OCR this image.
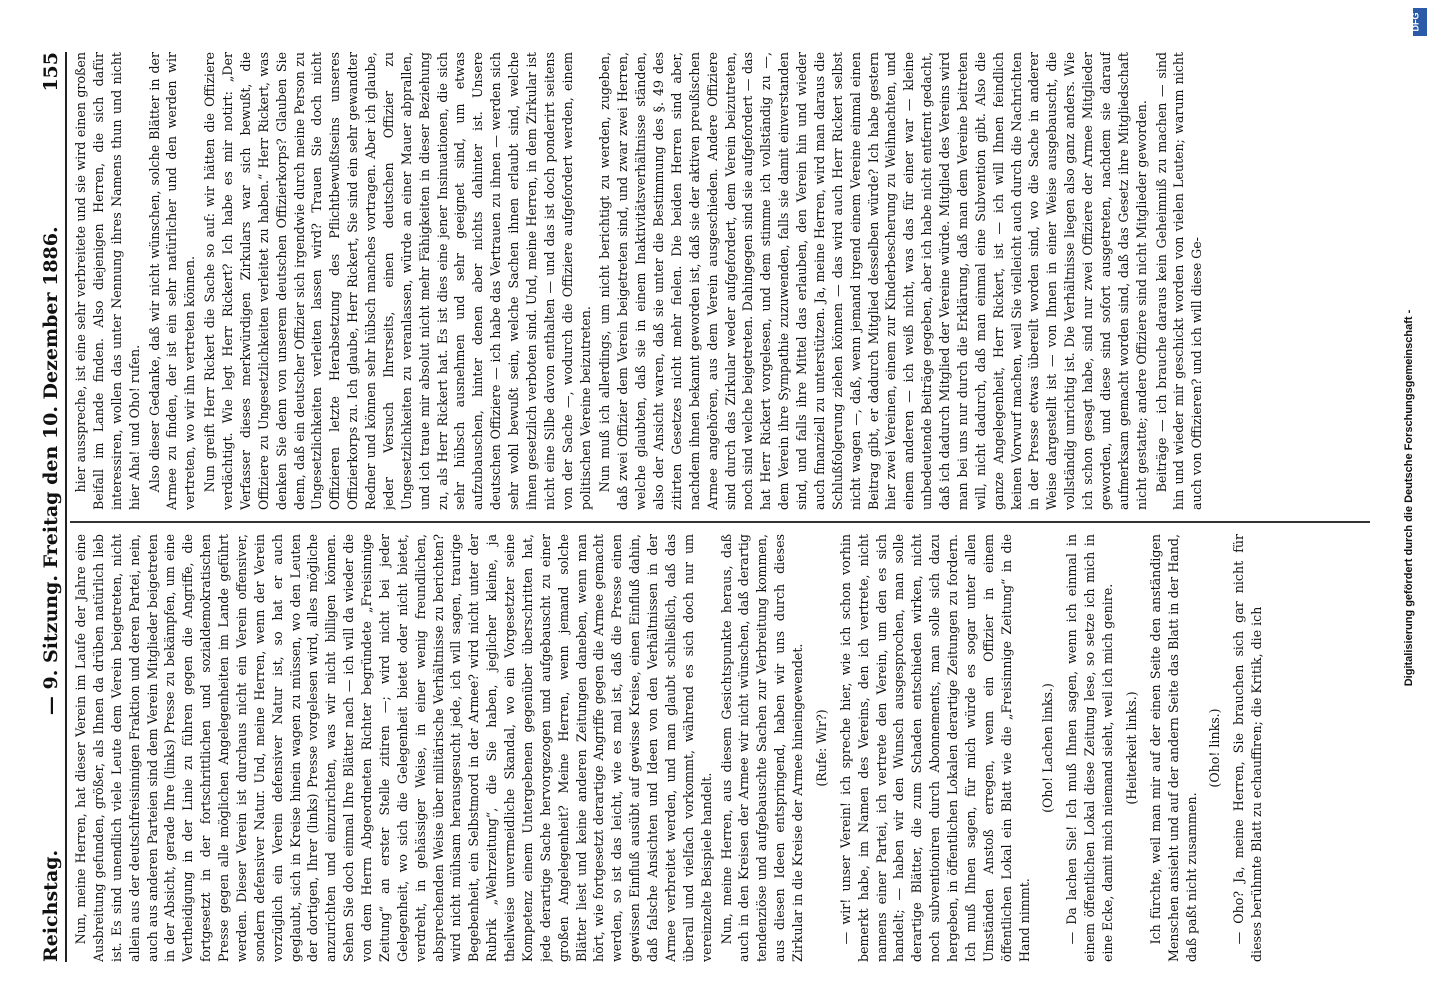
Reichstag.
— 9. Sitzung. Freitag den 10. Dezember 1886.
155

Nun, meine Herren, hat dieser Verein im Laufe der Jahre eine Ausbreitung gefunden, größer, als Ihnen da drüben natürlich lieb ist. Es sind unendlich viele Leute dem Verein beigetreten, nicht allein aus der deutschfreisinnigen Fraktion und deren Partei, nein, auch aus anderen Parteien sind dem Verein Mitglieder beigetreten in der Absicht, gerade Ihre (links) Presse zu bekämpfen, um eine Vertheidigung in der Linie zu führen gegen die Angriffe, die fortgesetzt in der fortschrittlichen und sozialdemokratischen Presse gegen alle möglichen Angelegenheiten im Lande geführt werden. Dieser Verein ist durchaus nicht ein Verein offensiver, sondern defensiver Natur. Und, meine Herren, wenn der Verein vorzüglich ein Verein defensiver Natur ist, so hat er auch geglaubt, sich in Kreise hinein wagen zu müssen, wo den Leuten der dortigen, Ihrer (links) Presse vorgelesen wird, alles mögliche anzurichten und einzurichten, was wir nicht billigen können. Sehen Sie doch einmal Ihre Blätter nach — ich will da wieder die von dem Herrn Abgeordneten Richter begründete „Freisinnige Zeitung“ an erster Stelle zitiren —; wird nicht bei jeder Gelegenheit, wo sich die Gelegenheit bietet oder nicht bietet, verdreht, in gehässiger Weise, in einer wenig freundlichen, absprechenden Weise über militärische Verhältnisse zu berichten? wird nicht mühsam herausgesucht jede, ich will sagen, traurige Begebenheit, ein Selbstmord in der Armee? wird nicht unter der Rubrik „Wehrzeitung“, die Sie haben, jeglicher kleine, ja theilweise unvermeidliche Skandal, wo ein Vorgesetzter seine Kompetenz einem Untergebenen gegenüber überschritten hat, jede derartige Sache hervorgezogen und aufgebauscht zu einer großen Angelegenheit? Meine Herren, wenn jemand solche Blätter liest und keine anderen Zeitungen daneben, wenn man hört, wie fortgesetzt derartige Angriffe gegen die Armee gemacht werden, so ist das leicht, wie es mal ist, daß die Presse einen gewissen Einfluß ausübt auf gewisse Kreise, einen Einfluß dahin, daß falsche Ansichten und Ideen von den Verhältnissen in der Armee verbreitet werden, und man glaubt schließlich, daß das überall und vielfach vorkommt, während es sich doch nur um vereinzelte Beispiele handelt. Nun, meine Herren, aus diesem Gesichtspunkte heraus, daß auch in den Kreisen der Armee wir nicht wünschen, daß derartig tendenziöse und aufgebauschte Sachen zur Verbreitung kommen, aus diesen Ideen entspringend, haben wir uns durch dieses Zirkular in die Kreise der Armee hineingewendet. (Rufe: Wir?) — wir! unser Verein! ich spreche hier, wie ich schon vorhin bemerkt habe, im Namen des Vereins, den ich vertrete, nicht namens einer Partei, ich vertrete den Verein, um den es sich handelt; — haben wir den Wunsch ausgesprochen, man solle derartige Blätter, die zum Schaden entschieden wirken, nicht noch subventioniren durch Abonnements, man solle sich dazu hergeben, in öffentlichen Lokalen derartige Zeitungen zu fordern. Ich muß Ihnen sagen, für mich würde es sogar unter allen Umständen Anstoß erregen, wenn ein Offizier in einem öffentlichen Lokal ein Blatt wie die „Freisinnige Zeitung“ in die Hand nimmt.

(Oho! Lachen links.) — Da lachen Sie! Ich muß Ihnen sagen, wenn ich einmal in einem öffentlichen Lokal diese Zeitung lese, so setze ich mich in eine Ecke, damit mich niemand sieht, weil ich mich genire. (Heiterkeit links.) Ich fürchte, weil man mir auf der einen Seite den anständigen Menschen ansieht und auf der andern Seite das Blatt in der Hand, daß paßt nicht zusammen.

(Oho! links.) — Oho? Ja, meine Herren, Sie brauchen sich gar nicht für dieses berühmte Blatt zu echauffiren; die Kritik, die ich

hier ausspreche, ist eine sehr verbreitete und sie wird einen großen Beifall im Lande finden. Also diejenigen Herren, die sich dafür interessiren, wollen das unter Nennung ihres Namens thun und nicht hier Aha! und Oho! rufen. Also dieser Gedanke, daß wir nicht wünschen, solche Blätter in der Armee zu finden, der ist ein sehr natürlicher und den werden wir vertreten, wo wir ihn vertreten können. Nun greift Herr Rickert die Sache so auf: wir hätten die Offiziere verdächtigt. Wie legt Herr Rickert? Ich habe es mir notirt: „Der Verfasser dieses merkwürdigen Zirkulars war sich bewußt, die Offiziere zu Ungesetzlichkeiten verleitet zu haben.“ Herr Rickert, was denken Sie denn von unserem deutschen Offizierkorps? Glauben Sie denn, daß ein deutscher Offizier sich irgendwie durch meine Person zu Ungesetzlichkeiten verleiten lassen wird? Trauen Sie doch nicht Offizieren letzte Herabsetzung des Pflichtbewußtseins unseres Offizierkorps zu. Ich glaube, Herr Rickert, Sie sind ein sehr gewandter Redner und können sehr hübsch manches vortragen. Aber ich glaube, jeder Versuch Ihrerseits, einen deutschen Offizier zu Ungesetzlichkeiten zu veranlassen, würde an einer Mauer abprallen, und ich traue mir absolut nicht mehr Fähigkeiten in dieser Beziehung zu, als Herr Rickert hat. Es ist dies eine jener Insinuationen, die sich sehr hübsch ausnehmen und sehr geeignet sind, um etwas aufzubauschen, hinter denen aber nichts dahinter ist. Unsere deutschen Offiziere — ich habe das Vertrauen zu ihnen — werden sich sehr wohl bewußt sein, welche Sachen ihnen erlaubt sind, welche ihnen gesetzlich verboten sind. Und, meine Herren, in dem Zirkular ist nicht eine Silbe davon enthalten — und das ist doch ponderirt seitens von der Sache —, wodurch die Offiziere aufgefordert werden, einem politischen Vereine beizutreten. Nun muß ich allerdings, um nicht berichtigt zu werden, zugeben, daß zwei Offizier dem Verein beigetreten sind, und zwar zwei Herren, welche glaubten, daß sie in einem Inaktivitätsverhältnisse ständen, also der Ansicht waren, daß sie unter die Bestimmung des §. 49 des zitirten Gesetzes nicht mehr fielen. Die beiden Herren sind aber, nachdem ihnen bekannt geworden ist, daß sie der aktiven preußischen Armee angehören, aus dem Verein ausgeschieden. Andere Offiziere sind durch das Zirkular weder aufgefordert, dem Verein beizutreten, noch sind welche beigetreten. Dahingegen sind sie aufgefordert — das hat Herr Rickert vorgelesen, und dem stimme ich vollständig zu —, dem Verein ihre Sympathie zuzuwenden, falls sie damit einverstanden sind, und falls ihre Mittel das erlauben, den Verein hin und wieder auch finanziell zu unterstützen. Ja, meine Herren, wird man daraus die Schlußfolgerung ziehen können — das wird auch Herr Rickert selbst nicht wagen —, daß, wenn jemand irgend einem Vereine einmal einen Beitrag gibt, er dadurch Mitglied desselben würde? Ich habe gestern hier zwei Vereinen, einem zur Kinderbescherung zu Weihnachten, und einem anderen — ich weiß nicht, was das für einer war — kleine unbedeutende Beiträge gegeben, aber ich habe nicht entfernt gedacht, daß ich dadurch Mitglied der Vereine würde. Mitglied des Vereins wird man bei uns nur durch die Erklärung, daß man dem Vereine beitreten will, nicht dadurch, daß man einmal eine Subvention gibt. Also die ganze Angelegenheit, Herr Rickert, ist — ich will Ihnen feindlich keinen Vorwurf machen, weil Sie vielleicht auch durch die Nachrichten in der Presse etwas übereilt worden sind, wo die Sache in anderer Weise dargestellt ist — von Ihnen in einer Weise ausgebauscht, die vollständig unrichtig ist. Die Verhältnisse liegen also ganz anders. Wie ich schon gesagt habe, sind nur zwei Offiziere der Armee Mitglieder geworden, und diese sind sofort ausgetreten, nachdem sie darauf aufmerksam gemacht worden sind, daß das Gesetz ihre Mitgliedschaft nicht gestatte; andere Offiziere sind nicht Mitglieder geworden. Beiträge — ich brauche daraus kein Geheimniß zu machen — sind hin und wieder mir geschickt worden von vielen Leuten; warum nicht auch von Offizieren? und ich will diese Ge-	Digitalisierung gefördert durch die Deutsche Forschungsgemeinschaft -
DFG
